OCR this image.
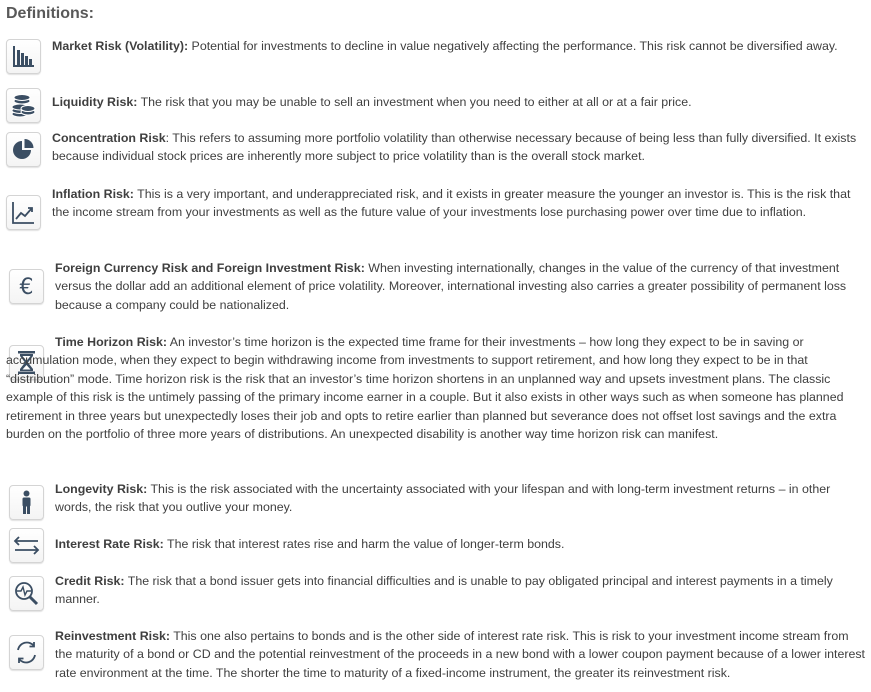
Definitions:
Market Risk (Volatility): Potential for investments to decline in value negatively affecting the performance. This risk cannot be diversified away.
Liquidity Risk: The risk that you may be unable to sell an investment when you need to either at all or at a fair price.
Concentration Risk: This refers to assuming more portfolio volatility than otherwise necessary because of being less than fully diversified. It exists because individual stock prices are inherently more subject to price volatility than is the overall stock market.
Inflation Risk: This is a very important, and underappreciated risk, and it exists in greater measure the younger an investor is. This is the risk that the income stream from your investments as well as the future value of your investments lose purchasing power over time due to inflation.
€
Foreign Currency Risk and Foreign Investment Risk: When investing internationally, changes in the value of the currency of that investment versus the dollar add an additional element of price volatility. Moreover, international investing also carries a greater possibility of permanent loss because a company could be nationalized.
Time Horizon Risk: An investor’s time horizon is the expected time frame for their investments – how long they expect to be in saving or accumulation mode, when they expect to begin withdrawing income from investments to support retirement, and how long they expect to be in that “distribution” mode. Time horizon risk is the risk that an investor’s time horizon shortens in an unplanned way and upsets investment plans. The classic example of this risk is the untimely passing of the primary income earner in a couple. But it also exists in other ways such as when someone has planned retirement in three years but unexpectedly loses their job and opts to retire earlier than planned but severance does not offset lost savings and the extra burden on the portfolio of three more years of distributions. An unexpected disability is another way time horizon risk can manifest.
Longevity Risk: This is the risk associated with the uncertainty associated with your lifespan and with long-term investment returns – in other words, the risk that you outlive your money.
Interest Rate Risk: The risk that interest rates rise and harm the value of longer-term bonds.
Credit Risk: The risk that a bond issuer gets into financial difficulties and is unable to pay obligated principal and interest payments in a timely manner.
Reinvestment Risk: This one also pertains to bonds and is the other side of interest rate risk. This is risk to your investment income stream from the maturity of a bond or CD and the potential reinvestment of the proceeds in a new bond with a lower coupon payment because of a lower interest rate environment at the time. The shorter the time to maturity of a fixed-income instrument, the greater its reinvestment risk.
